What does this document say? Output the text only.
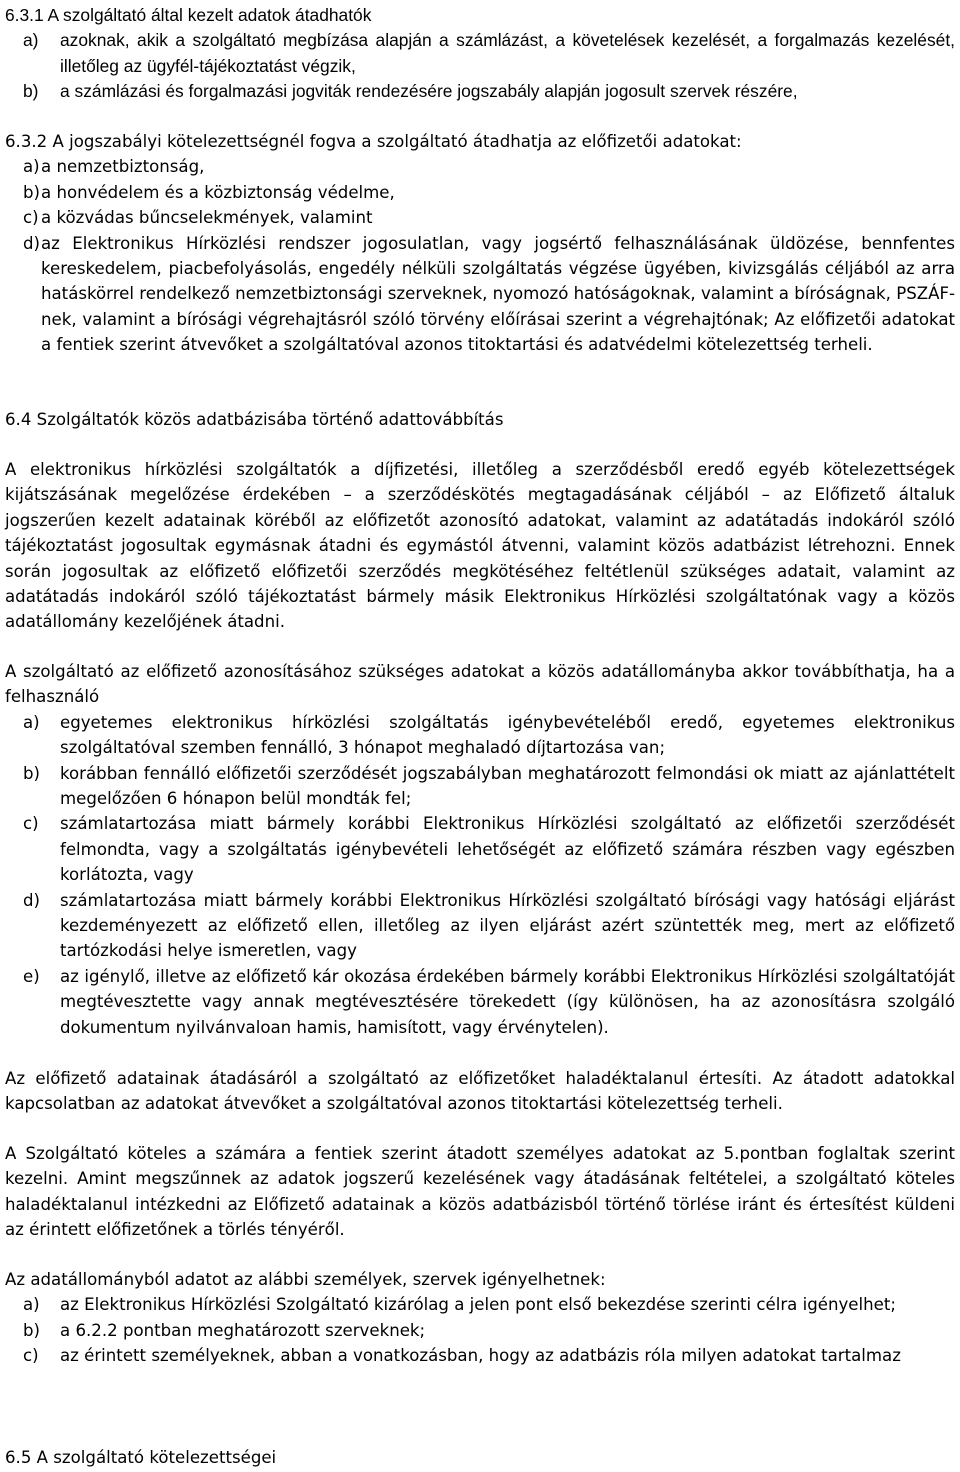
6.3.1 A szolgáltató által kezelt adatok átadhatók

a)	azoknak, akik a szolgáltató megbízása alapján a számlázást, a követelések kezelését, a forgalmazás kezelését, illetőleg az ügyfél-tájékoztatást végzik,
b)	a számlázási és forgalmazási jogviták rendezésére jogszabály alapján jogosult szervek részére,

6.3.2 A jogszabályi kötelezettségnél fogva a szolgáltató átadhatja az előfizetői adatokat:

a) a nemzetbiztonság,
b) a honvédelem és a közbiztonság védelme,
c) a közvádas bűncselekmények, valamint
d) az Elektronikus Hírközlési rendszer jogosulatlan, vagy jogsértő felhasználásának üldözése, bennfentes kereskedelem, piacbefolyásolás, engedély nélküli szolgáltatás végzése ügyében, kivizsgálás céljából az arra hatáskörrel rendelkező nemzetbiztonsági szerveknek, nyomozó hatóságoknak, valamint a bíróságnak, PSZÁF-nek, valamint a bírósági végrehajtásról szóló törvény előírásai szerint a végrehajtónak; Az előfizetői adatokat a fentiek szerint átvevőket a szolgáltatóval azonos titoktartási és adatvédelmi kötelezettség terheli.

6.4 Szolgáltatók közös adatbázisába történő adattovábbítás

A elektronikus hírközlési szolgáltatók a díjfizetési, illetőleg a szerződésből eredő egyéb kötelezettségek kijátszásának megelőzése érdekében – a szerződéskötés megtagadásának céljából – az Előfizető általuk jogszerűen kezelt adatainak köréből az előfizetőt azonosító adatokat, valamint az adatátadás indokáról szóló tájékoztatást jogosultak egymásnak átadni és egymástól átvenni, valamint közös adatbázist létrehozni. Ennek során jogosultak az előfizető előfizetői szerződés megkötéséhez feltétlenül szükséges adatait, valamint az adatátadás indokáról szóló tájékoztatást bármely másik Elektronikus Hírközlési szolgáltatónak vagy a közös adatállomány kezelőjének átadni.

A szolgáltató az előfizető azonosításához szükséges adatokat a közös adatállományba akkor továbbíthatja, ha a felhasználó

a)	egyetemes elektronikus hírközlési szolgáltatás igénybevételéből eredő, egyetemes elektronikus szolgáltatóval szemben fennálló, 3 hónapot meghaladó díjtartozása van;
b)	korábban fennálló előfizetői szerződését jogszabályban meghatározott felmondási ok miatt az ajánlattételt megelőzően 6 hónapon belül mondták fel;
c)	számlatartozása miatt bármely korábbi Elektronikus Hírközlési szolgáltató az előfizetői szerződését felmondta, vagy a szolgáltatás igénybevételi lehetőségét az előfizető számára részben vagy egészben korlátozta, vagy
d)	számlatartozása miatt bármely korábbi Elektronikus Hírközlési szolgáltató bírósági vagy hatósági eljárást kezdeményezett az előfizető ellen, illetőleg az ilyen eljárást azért szüntették meg, mert az előfizető tartózkodási helye ismeretlen, vagy
e)	az igénylő, illetve az előfizető kár okozása érdekében bármely korábbi Elektronikus Hírközlési szolgáltatóját megtévesztette vagy annak megtévesztésére törekedett (így különösen, ha az azonosításra szolgáló dokumentum nyilvánvaloan hamis, hamisított, vagy érvénytelen).

Az előfizető adatainak átadásáról a szolgáltató az előfizetőket haladéktalanul értesíti. Az átadott adatokkal kapcsolatban az adatokat átvevőket a szolgáltatóval azonos titoktartási kötelezettség terheli.

A Szolgáltató köteles a számára a fentiek szerint átadott személyes adatokat az 5.pontban foglaltak szerint kezelni. Amint megszűnnek az adatok jogszerű kezelésének vagy átadásának feltételei, a szolgáltató köteles haladéktalanul intézkedni az Előfizető adatainak a közös adatbázisból történő törlése iránt és értesítést küldeni az érintett előfizetőnek a törlés tényéről.

Az adatállományból adatot az alábbi személyek, szervek igényelhetnek:

a)	az Elektronikus Hírközlési Szolgáltató kizárólag a jelen pont első bekezdése szerinti célra igényelhet;
b)	a 6.2.2 pontban meghatározott szerveknek;
c)	az érintett személyeknek, abban a vonatkozásban, hogy az adatbázis róla milyen adatokat tartalmaz

6.5 A szolgáltató kötelezettségei
